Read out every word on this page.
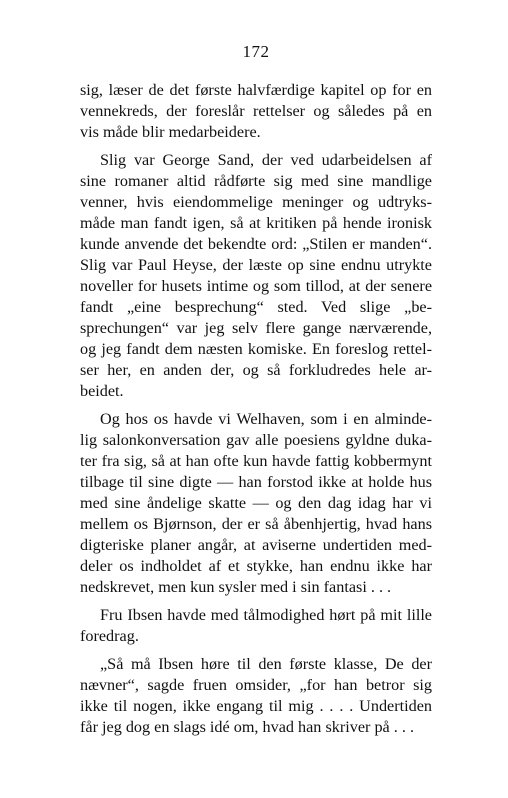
172
sig, læser de det første halvfærdige kapitel op for en
vennekreds, der foreslår rettelser og således på en
vis måde blir medarbeidere.
Slig var George Sand, der ved udarbeidelsen af
sine romaner altid rådførte sig med sine mandlige
venner, hvis eiendommelige meninger og udtryks-
måde man fandt igen, så at kritiken på hende ironisk
kunde anvende det bekendte ord: „Stilen er manden“.
Slig var Paul Heyse, der læste op sine endnu utrykte
noveller for husets intime og som tillod, at der senere
fandt „eine besprechung“ sted. Ved slige „be-
sprechungen“ var jeg selv flere gange nærværende,
og jeg fandt dem næsten komiske. En foreslog rettel-
ser her, en anden der, og så forkludredes hele ar-
beidet.
Og hos os havde vi Welhaven, som i en alminde-
lig salonkonversation gav alle poesiens gyldne duka-
ter fra sig, så at han ofte kun havde fattig kobbermynt
tilbage til sine digte — han forstod ikke at holde hus
med sine åndelige skatte — og den dag idag har vi
mellem os Bjørnson, der er så åbenhjertig, hvad hans
digteriske planer angår, at aviserne undertiden med-
deler os indholdet af et stykke, han endnu ikke har
nedskrevet, men kun sysler med i sin fantasi . . .
Fru Ibsen havde med tålmodighed hørt på mit lille
foredrag.
„Så må Ibsen høre til den første klasse, De der
nævner“, sagde fruen omsider, „for han betror sig
ikke til nogen, ikke engang til mig . . . . Undertiden
får jeg dog en slags idé om, hvad han skriver på . . .
